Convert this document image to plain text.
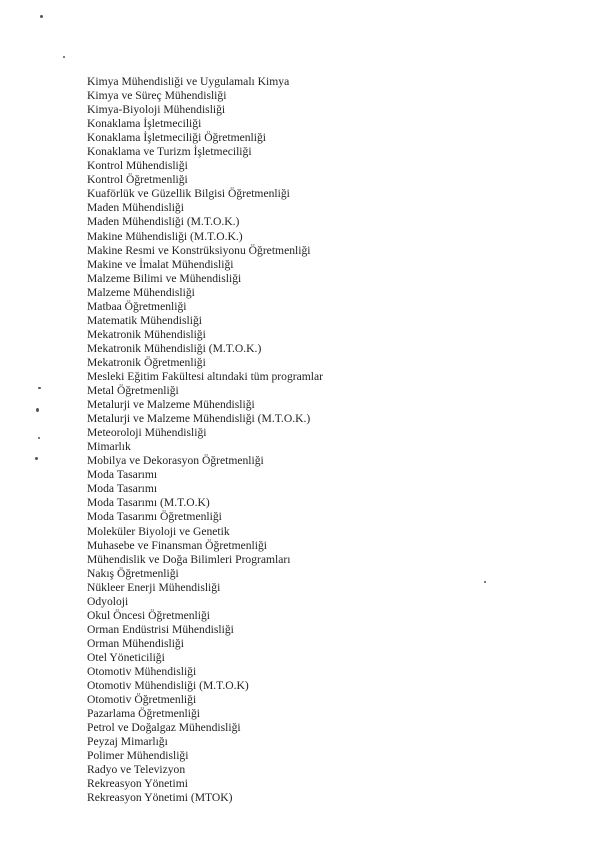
Kimya Mühendisliği ve Uygulamalı Kimya
Kimya ve Süreç Mühendisliği
Kimya-Biyoloji Mühendisliği
Konaklama İşletmeciliği
Konaklama İşletmeciliği Öğretmenliği
Konaklama ve Turizm İşletmeciliği
Kontrol Mühendisliği
Kontrol Öğretmenliği
Kuaförlük ve Güzellik Bilgisi Öğretmenliği
Maden Mühendisliği
Maden Mühendisliği (M.T.O.K.)
Makine Mühendisliği (M.T.O.K.)
Makine Resmi ve Konstrüksiyonu Öğretmenliği
Makine ve İmalat Mühendisliği
Malzeme Bilimi ve Mühendisliği
Malzeme Mühendisliği
Matbaa Öğretmenliği
Matematik Mühendisliği
Mekatronik Mühendisliği
Mekatronik Mühendisliği (M.T.O.K.)
Mekatronik Öğretmenliği
Mesleki Eğitim Fakültesi altındaki tüm programlar
Metal Öğretmenliği
Metalurji ve Malzeme Mühendisliği
Metalurji ve Malzeme Mühendisliği (M.T.O.K.)
Meteoroloji Mühendisliği
Mimarlık
Mobilya ve Dekorasyon Öğretmenliği
Moda Tasarımı
Moda Tasarımı
Moda Tasarımı (M.T.O.K)
Moda Tasarımı Öğretmenliği
Moleküler Biyoloji ve Genetik
Muhasebe ve Finansman Öğretmenliği
Mühendislik ve Doğa Bilimleri Programları
Nakış Öğretmenliği
Nükleer Enerji Mühendisliği
Odyoloji
Okul Öncesi Öğretmenliği
Orman Endüstrisi Mühendisliği
Orman Mühendisliği
Otel Yöneticiliği
Otomotiv Mühendisliği
Otomotiv Mühendisliği (M.T.O.K)
Otomotiv Öğretmenliği
Pazarlama Öğretmenliği
Petrol ve Doğalgaz Mühendisliği
Peyzaj Mimarlığı
Polimer Mühendisliği
Radyo ve Televizyon
Rekreasyon Yönetimi
Rekreasyon Yönetimi (MTOK)
